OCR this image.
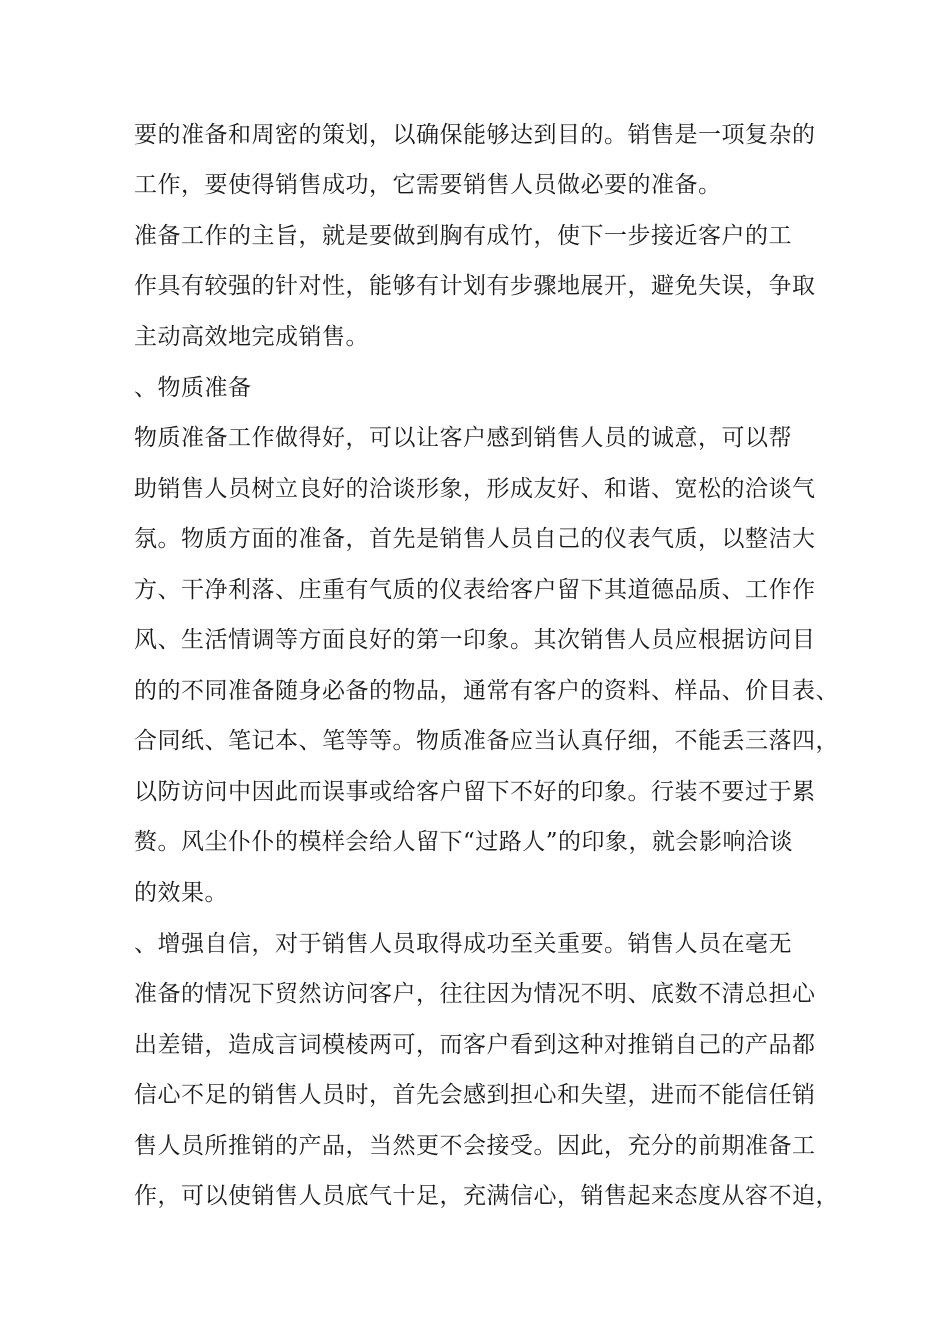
要的准备和周密的策划，以确保能够达到目的。销售是一项复杂的
工作，要使得销售成功，它需要销售人员做必要的准备。
准备工作的主旨，就是要做到胸有成竹，使下一步接近客户的工
作具有较强的针对性，能够有计划有步骤地展开，避免失误，争取
主动高效地完成销售。
、物质准备
物质准备工作做得好，可以让客户感到销售人员的诚意，可以帮
助销售人员树立良好的洽谈形象，形成友好、和谐、宽松的洽谈气
氛。物质方面的准备，首先是销售人员自己的仪表气质，以整洁大
方、干净利落、庄重有气质的仪表给客户留下其道德品质、工作作
风、生活情调等方面良好的第一印象。其次销售人员应根据访问目
的的不同准备随身必备的物品，通常有客户的资料、样品、价目表、
合同纸、笔记本、笔等等。物质准备应当认真仔细，不能丢三落四，
以防访问中因此而误事或给客户留下不好的印象。行装不要过于累
赘。风尘仆仆的模样会给人留下“过路人”的印象，就会影响洽谈
的效果。
、增强自信，对于销售人员取得成功至关重要。销售人员在毫无
准备的情况下贸然访问客户，往往因为情况不明、底数不清总担心
出差错，造成言词模棱两可，而客户看到这种对推销自己的产品都
信心不足的销售人员时，首先会感到担心和失望，进而不能信任销
售人员所推销的产品，当然更不会接受。因此，充分的前期准备工
作，可以使销售人员底气十足，充满信心，销售起来态度从容不迫，
